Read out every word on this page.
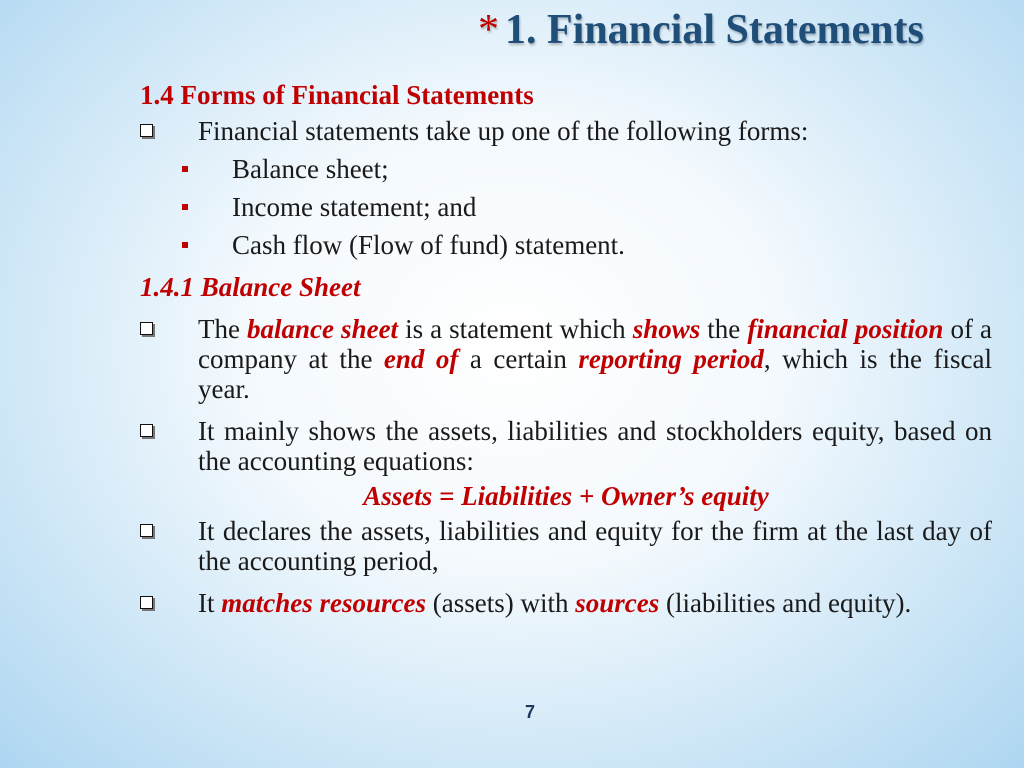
* 1. Financial Statements

1.4 Forms of Financial Statements

Financial statements take up one of the following forms:
Balance sheet;
Income statement; and
Cash flow (Flow of fund) statement.

1.4.1 Balance Sheet

The balance sheet is a statement which shows the financial position of a company at the end of a certain reporting period, which is the fiscal year.
It mainly shows the assets, liabilities and stockholders equity, based on the accounting equations:

Assets = Liabilities + Owner’s equity

It declares the assets, liabilities and equity for the firm at the last day of the accounting period,
It matches resources (assets) with sources (liabilities and equity).
7
